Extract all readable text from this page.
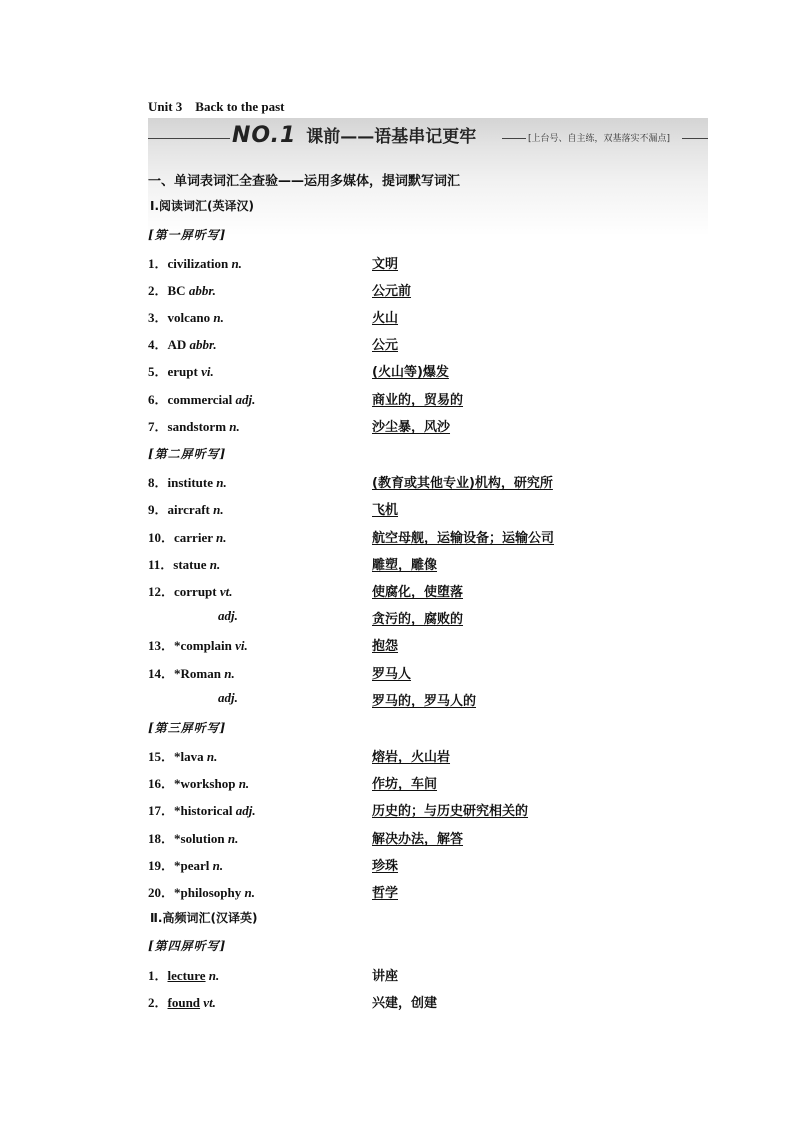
Unit 3　Back to the past
NO.1 课前——语基串记更牢	[上台号、自主练，双基落实不漏点]
一、单词表词汇全查验——运用多媒体，提词默写词汇
Ⅰ.阅读词汇(英译汉)
[第一屏听写]
1．civilization n.	文明
2．BC abbr.	公元前
3．volcano n.	火山
4．AD abbr.	公元
5．erupt vi.	(火山等)爆发
6．commercial adj.	商业的，贸易的
7．sandstorm n.	沙尘暴，风沙
8．institute n.	(教育或其他专业)机构，研究所
9．aircraft n.	飞机
10．carrier n.	航空母舰，运输设备；运输公司
11．statue n.	雕塑，雕像
12．corrupt vt.	使腐化，使堕落
adj.	贪污的，腐败的
13．*complain vi.	抱怨
14．*Roman n.	罗马人
adj.	罗马的，罗马人的
15．*lava n.	熔岩，火山岩
16．*workshop n.	作坊，车间
17．*historical adj.	历史的；与历史研究相关的
18．*solution n.	解决办法，解答
19．*pearl n.	珍珠
20．*philosophy n.	哲学
[第二屏听写]
[第三屏听写]
Ⅱ.高频词汇(汉译英)
[第四屏听写]
1．lecture n.	讲座
2．found vt.	兴建，创建
